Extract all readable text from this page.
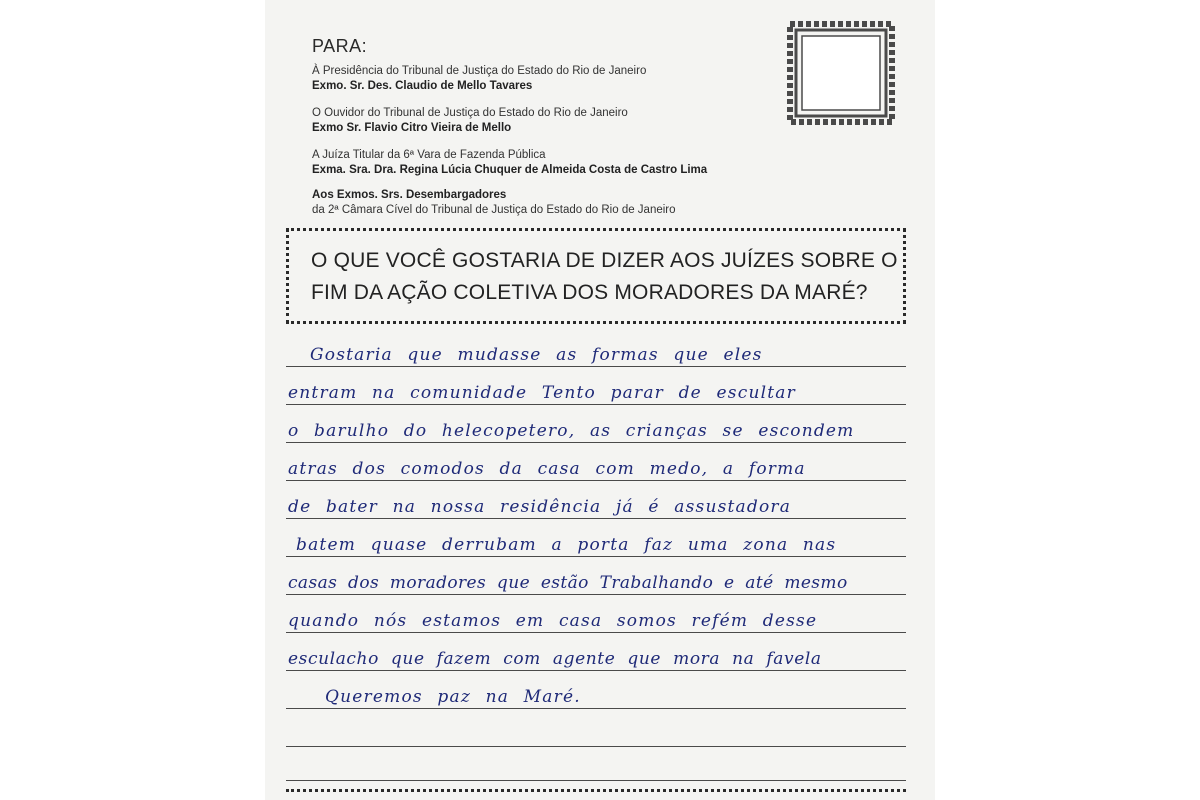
PARA:
À Presidência do Tribunal de Justiça do Estado do Rio de Janeiro
Exmo. Sr. Des. Claudio de Mello Tavares
O Ouvidor do Tribunal de Justiça do Estado do Rio de Janeiro
Exmo Sr. Flavio Citro Vieira de Mello
A Juíza Titular da 6ª Vara de Fazenda Pública
Exma. Sra. Dra. Regina Lúcia Chuquer de Almeida Costa de Castro Lima
Aos Exmos. Srs. Desembargadores
da 2ª Câmara Cível do Tribunal de Justiça do Estado do Rio de Janeiro
O QUE VOCÊ GOSTARIA DE DIZER AOS JUÍZES SOBRE O
FIM DA AÇÃO COLETIVA DOS MORADORES DA MARÉ?
Gostaria que mudasse as formas que eles
entram na comunidade Tento parar de escultar
o barulho do helecopetero, as crianças se escondem
atras dos comodos da casa com medo, a forma
de bater na nossa residência já é assustadora
batem quase derrubam a porta faz uma zona nas
casas dos moradores que estão Trabalhando e até mesmo
quando nós estamos em casa somos refém desse
esculacho que fazem com agente que mora na favela
Queremos paz na Maré.
